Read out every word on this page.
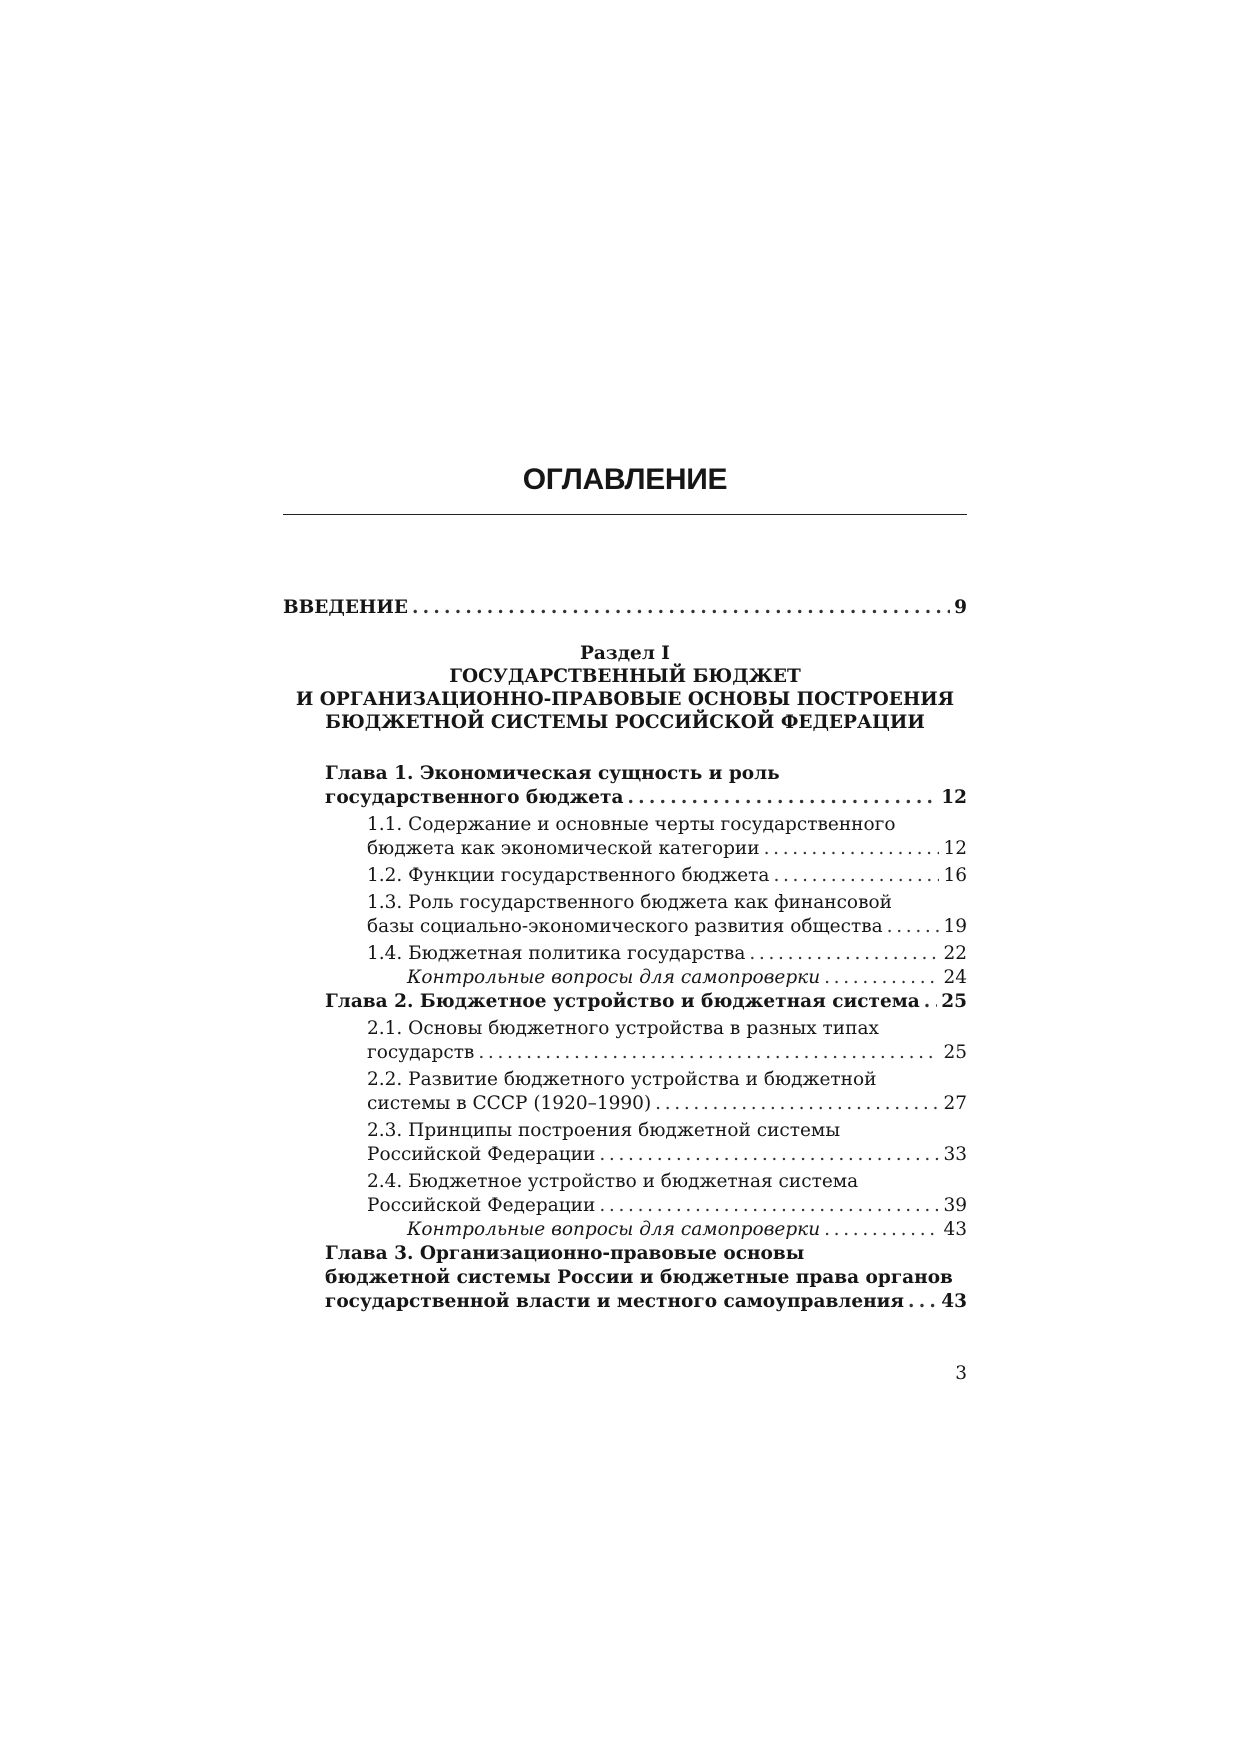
ОГЛАВЛЕНИЕ
ВВЕДЕНИЕ . . .	9
Раздел I
ГОСУДАРСТВЕННЫЙ БЮДЖЕТ
И ОРГАНИЗАЦИОННО-ПРАВОВЫЕ ОСНОВЫ ПОСТРОЕНИЯ
БЮДЖЕТНОЙ СИСТЕМЫ РОССИЙСКОЙ ФЕДЕРАЦИИ
Глава 1. Экономическая сущность и роль
государственного бюджета . . .	12
1.1. Содержание и основные черты государственного
бюджета как экономической категории . . .	12
1.2. Функции государственного бюджета . . .	16
1.3. Роль государственного бюджета как финансовой
базы социально-экономического развития общества . . .	19
1.4. Бюджетная политика государства . . .	22
Контрольные вопросы для самопроверки . . .	24
Глава 2. Бюджетное устройство и бюджетная система . . . 25
2.1. Основы бюджетного устройства в разных типах
государств . . .	25
2.2. Развитие бюджетного устройства и бюджетной
системы в СССР (1920–1990) . . .	27
2.3. Принципы построения бюджетной системы
Российской Федерации . . .	33
2.4. Бюджетное устройство и бюджетная система
Российской Федерации . . .	39
Контрольные вопросы для самопроверки . . .	43
Глава 3. Организационно-правовые основы
бюджетной системы России и бюджетные права органов
государственной власти и местного самоуправления . . . 43
3
